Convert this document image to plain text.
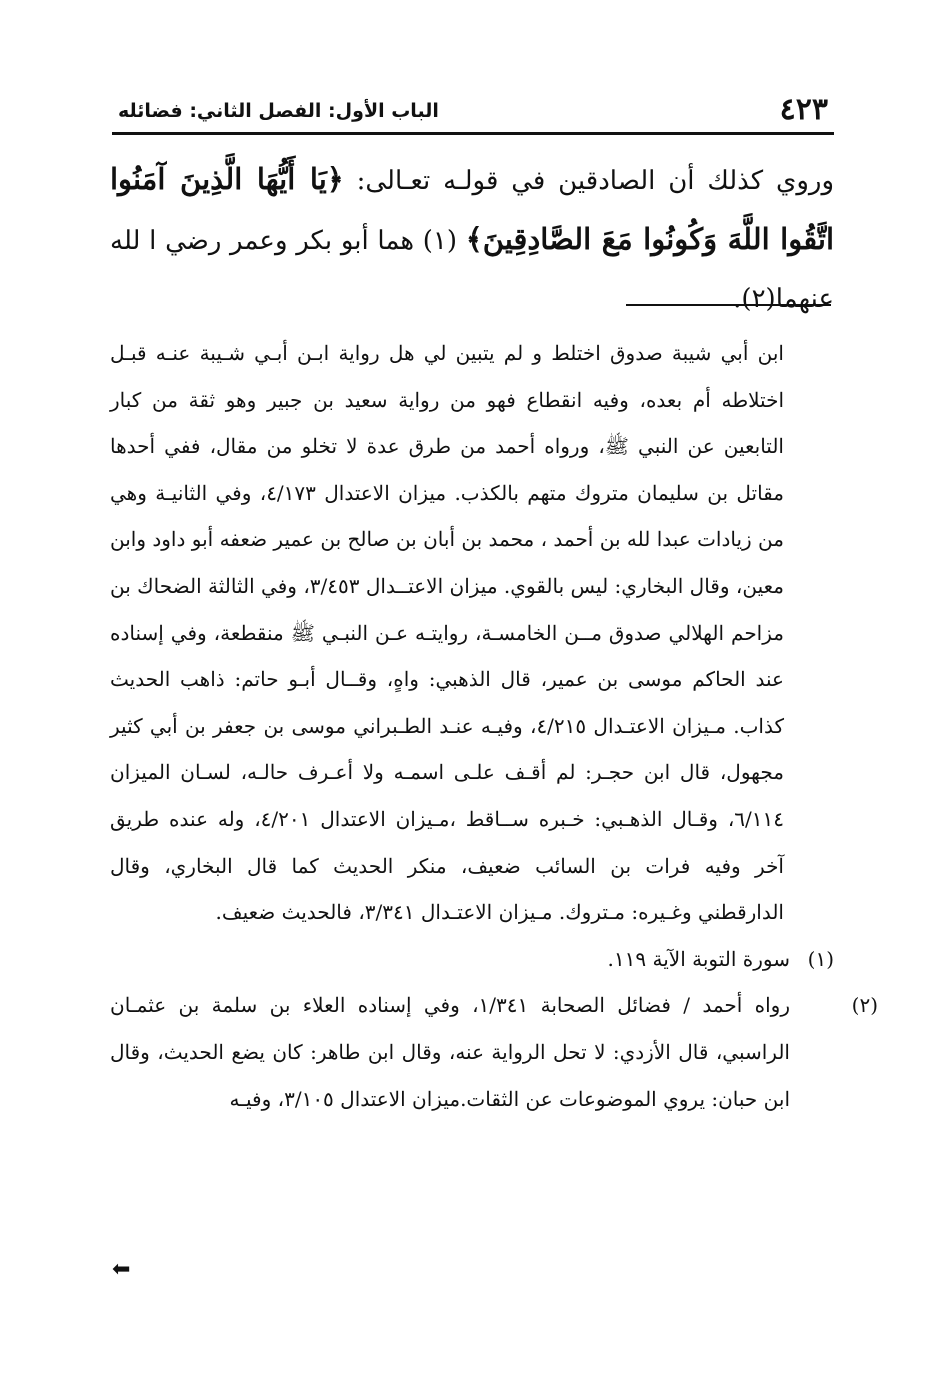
٤٢٣
الباب الأول: الفصل الثاني: فضائله
وروي كذلك أن الصادقين في قولـه تعـالى: ﴿يَا أَيُّهَا الَّذِينَ آمَنُوا اتَّقُوا اللَّهَ وَكُونُوا مَعَ الصَّادِقِينَ﴾ (١) هما أبو بكر وعمر رضي ا لله عنهما(٢).

ابن أبي شيبة صدوق اختلط و لم يتبين لي هل رواية ابـن أبـي شـيبة عنـه قبـل اختلاطه أم بعده، وفيه انقطاع فهو من رواية سعيد بن جبير وهو ثقة من كبار التابعين عن النبي ﷺ، ورواه أحمد من طرق عدة لا تخلو من مقال، ففي أحدها مقاتل بن سليمان متروك متهم بالكذب. ميزان الاعتدال ٤/١٧٣، وفي الثانيـة وهي من زيادات عبدا لله بن أحمد ، محمد بن أبان بن صالح بن عمير ضعفه أبو داود وابن معين، وقال البخاري: ليس بالقوي. ميزان الاعتــدال ٣/٤٥٣، وفي الثالثة الضحاك بن مزاحم الهلالي صدوق مــن الخامسـة، روايتـه عـن النبـي ﷺ منقطعة، وفي إسناده عند الحاكم موسى بن عمير، قال الذهبي: واهٍ، وقــال أبـو حاتم: ذاهب الحديث كذاب. مـيزان الاعتـدال ٤/٢١٥، وفيـه عنـد الطـبراني موسى بن جعفر بن أبي كثير مجهول، قال ابن حجـر: لم أقـف علـى اسمـه ولا أعـرف حالـه، لسـان الميزان ٦/١١٤، وقـال الذهـبي: خـبره ســاقط ،مـيزان الاعتدال ٤/٢٠١، وله عنده طريق آخر وفيه فرات بن السائب ضعيف، منكر الحديث كما قال البخاري، وقال الدارقطني وغـيره: مـتروك. مـيزان الاعتـدال ٣/٣٤١، فالحديث ضعيف.

(١)سورة التوبة الآية ١١٩.

(٢)رواه أحمد / فضائل الصحابة ١/٣٤١، وفي إسناده العلاء بن سلمة بن عثمـان الراسبي، قال الأزدي: لا تحل الرواية عنه، وقال ابن طاهر: كان يضع الحديث، وقال ابن حبان: يروي الموضوعات عن الثقات.ميزان الاعتدال ٣/١٠٥، وفيـه

⬅
